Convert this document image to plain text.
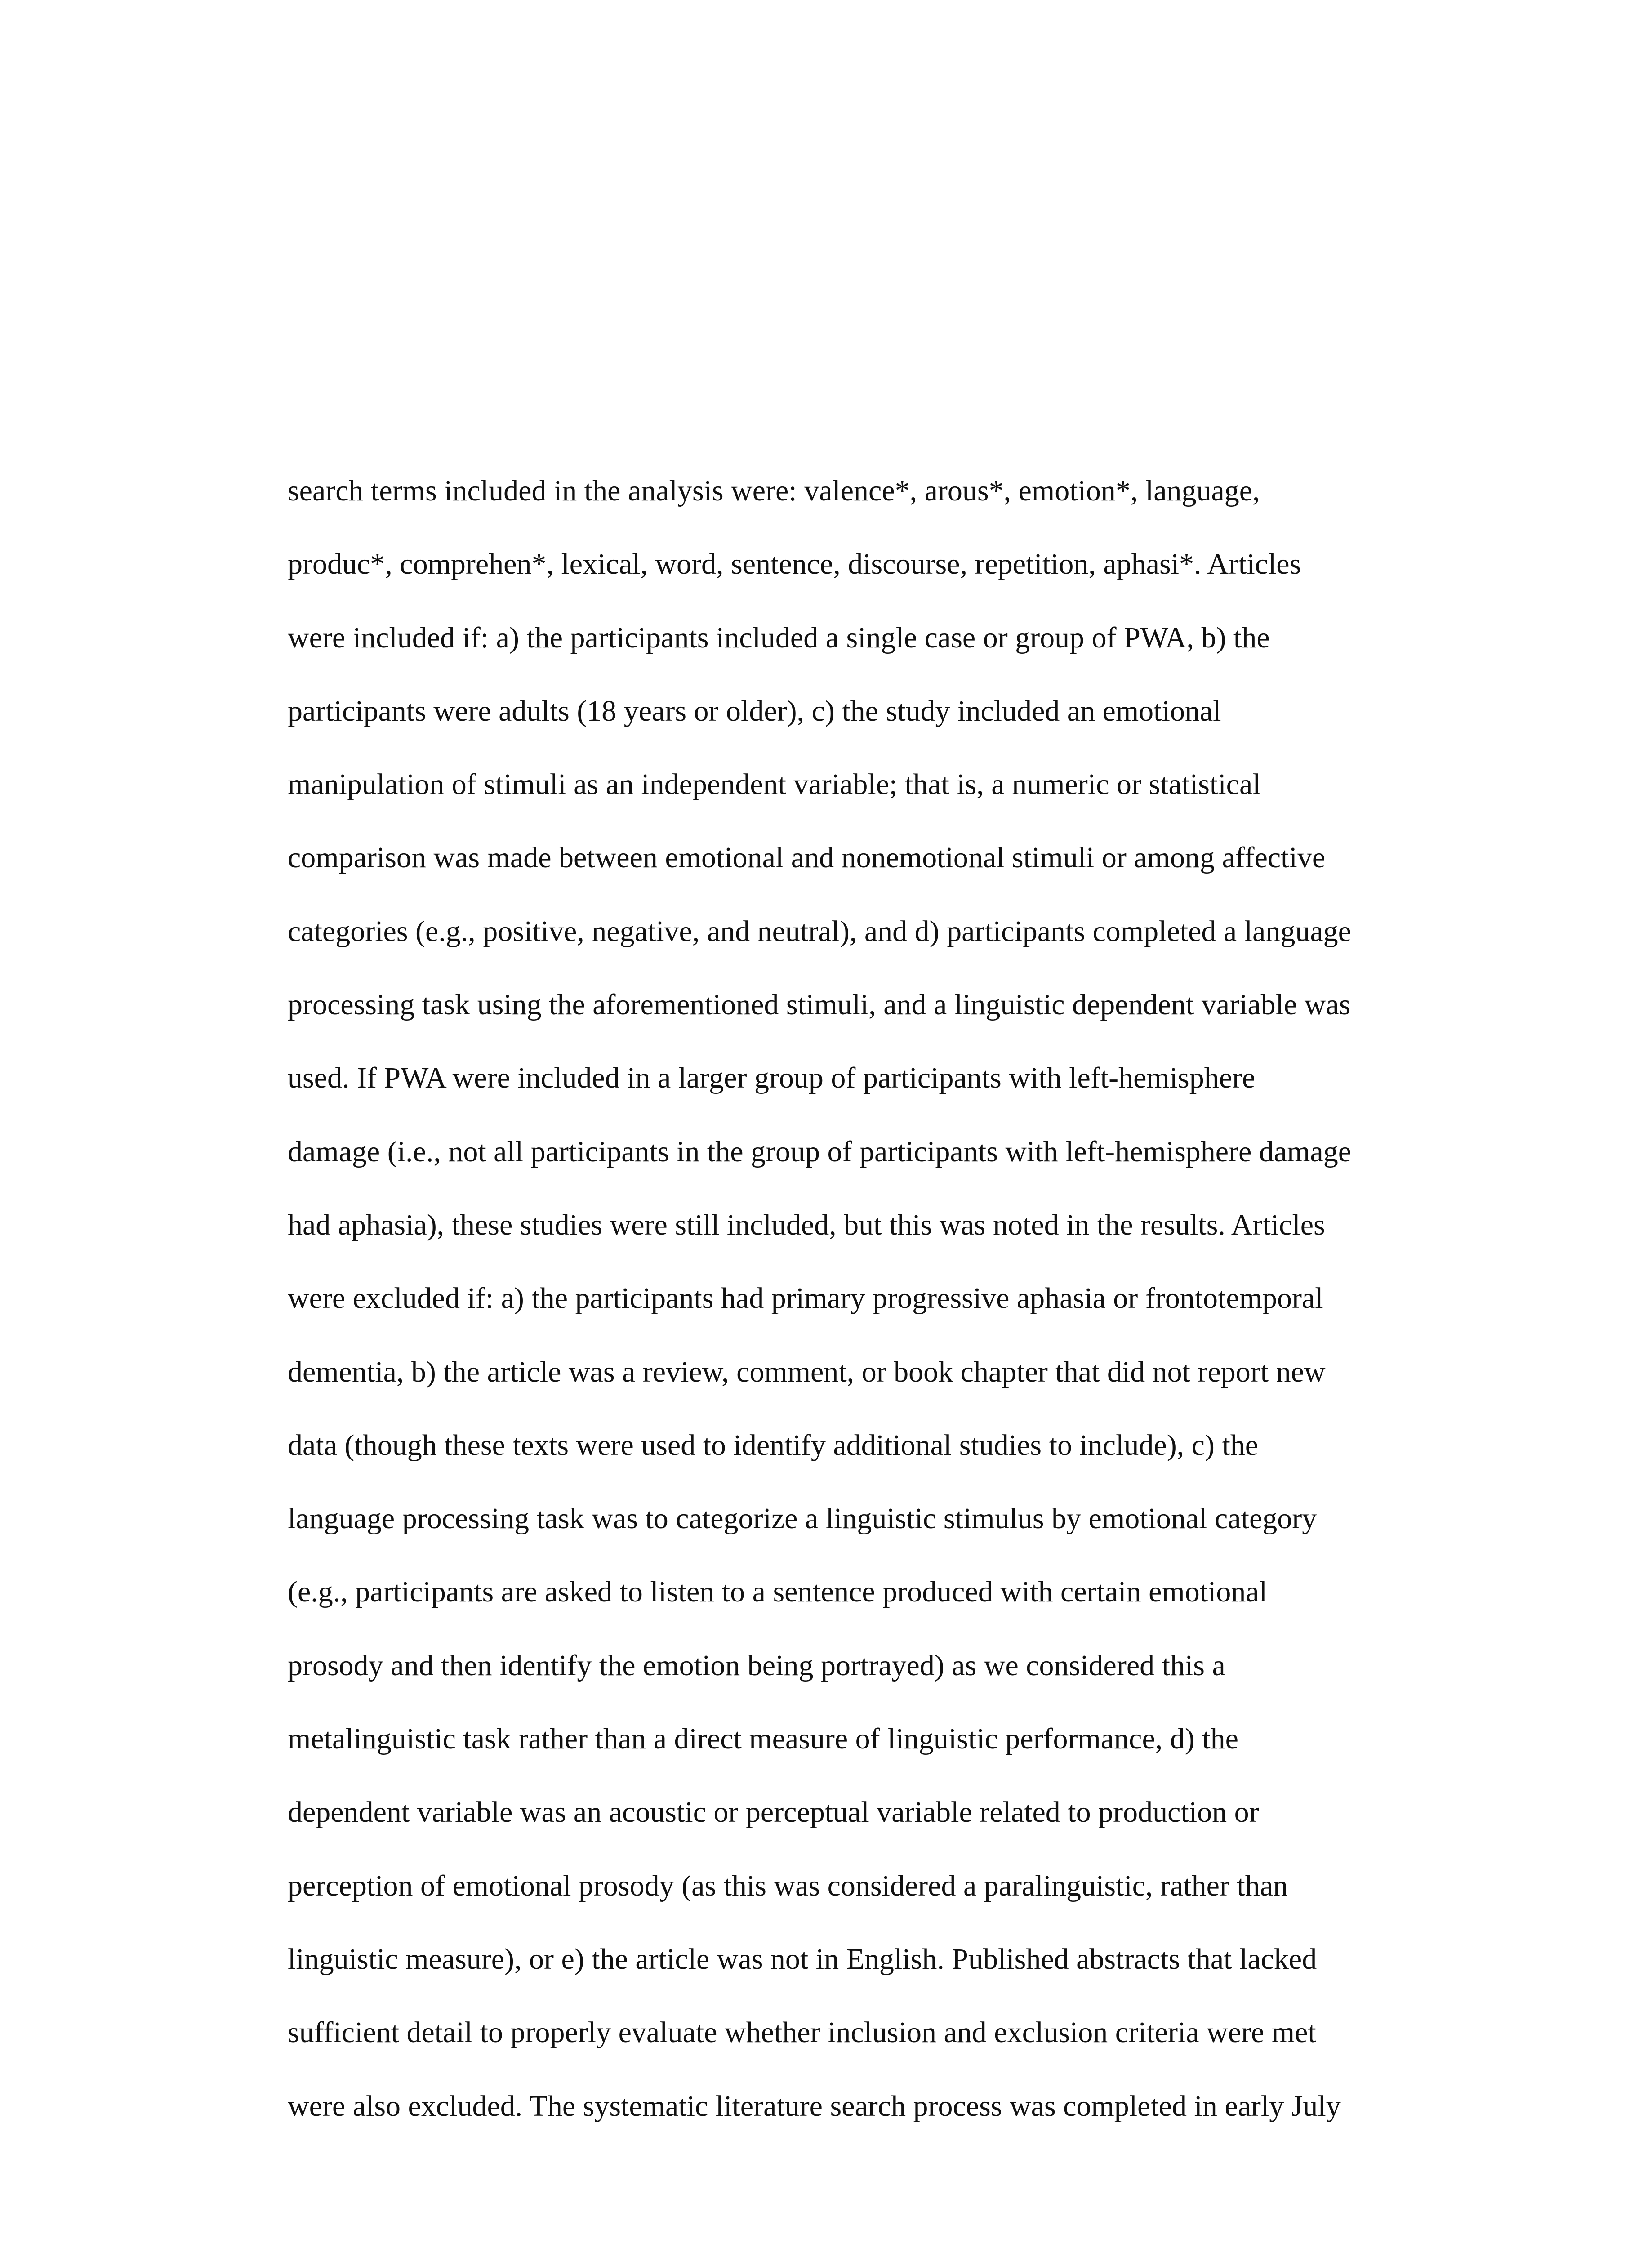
search terms included in the analysis were: valence*, arous*, emotion*, language,
produc*, comprehen*, lexical, word, sentence, discourse, repetition, aphasi*. Articles
were included if: a) the participants included a single case or group of PWA, b) the
participants were adults (18 years or older), c) the study included an emotional
manipulation of stimuli as an independent variable; that is, a numeric or statistical
comparison was made between emotional and nonemotional stimuli or among affective
categories (e.g., positive, negative, and neutral), and d) participants completed a language
processing task using the aforementioned stimuli, and a linguistic dependent variable was
used. If PWA were included in a larger group of participants with left-hemisphere
damage (i.e., not all participants in the group of participants with left-hemisphere damage
had aphasia), these studies were still included, but this was noted in the results. Articles
were excluded if: a) the participants had primary progressive aphasia or frontotemporal
dementia, b) the article was a review, comment, or book chapter that did not report new
data (though these texts were used to identify additional studies to include), c) the
language processing task was to categorize a linguistic stimulus by emotional category
(e.g., participants are asked to listen to a sentence produced with certain emotional
prosody and then identify the emotion being portrayed) as we considered this a
metalinguistic task rather than a direct measure of linguistic performance, d) the
dependent variable was an acoustic or perceptual variable related to production or
perception of emotional prosody (as this was considered a paralinguistic, rather than
linguistic measure), or e) the article was not in English. Published abstracts that lacked
sufficient detail to properly evaluate whether inclusion and exclusion criteria were met
were also excluded. The systematic literature search process was completed in early July
